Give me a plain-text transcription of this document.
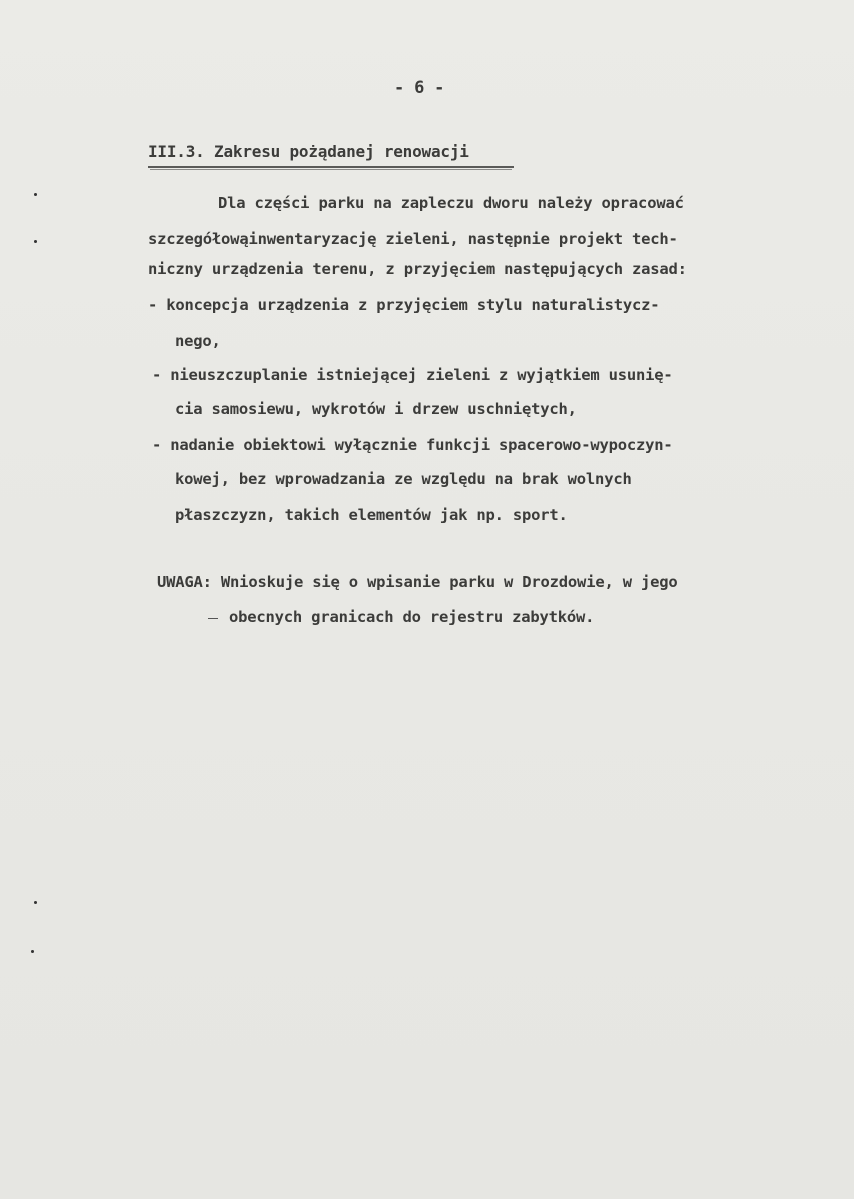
- 6 -
III.3. Zakresu pożądanej renowacji
Dla części parku na zapleczu dworu należy opracować
szczegółowąinwentaryzację zieleni, następnie projekt tech-
niczny urządzenia terenu, z przyjęciem następujących zasad:
- koncepcja urządzenia z przyjęciem stylu naturalistycz-
nego,
- nieuszczuplanie istniejącej zieleni z wyjątkiem usunię-
cia samosiewu, wykrotów i drzew uschniętych,
- nadanie obiektowi wyłącznie funkcji spacerowo-wypoczyn-
kowej, bez wprowadzania ze względu na brak wolnych
płaszczyzn, takich elementów jak np. sport.
UWAGA: Wnioskuje się o wpisanie parku w Drozdowie, w jego
obecnych granicach do rejestru zabytków.
